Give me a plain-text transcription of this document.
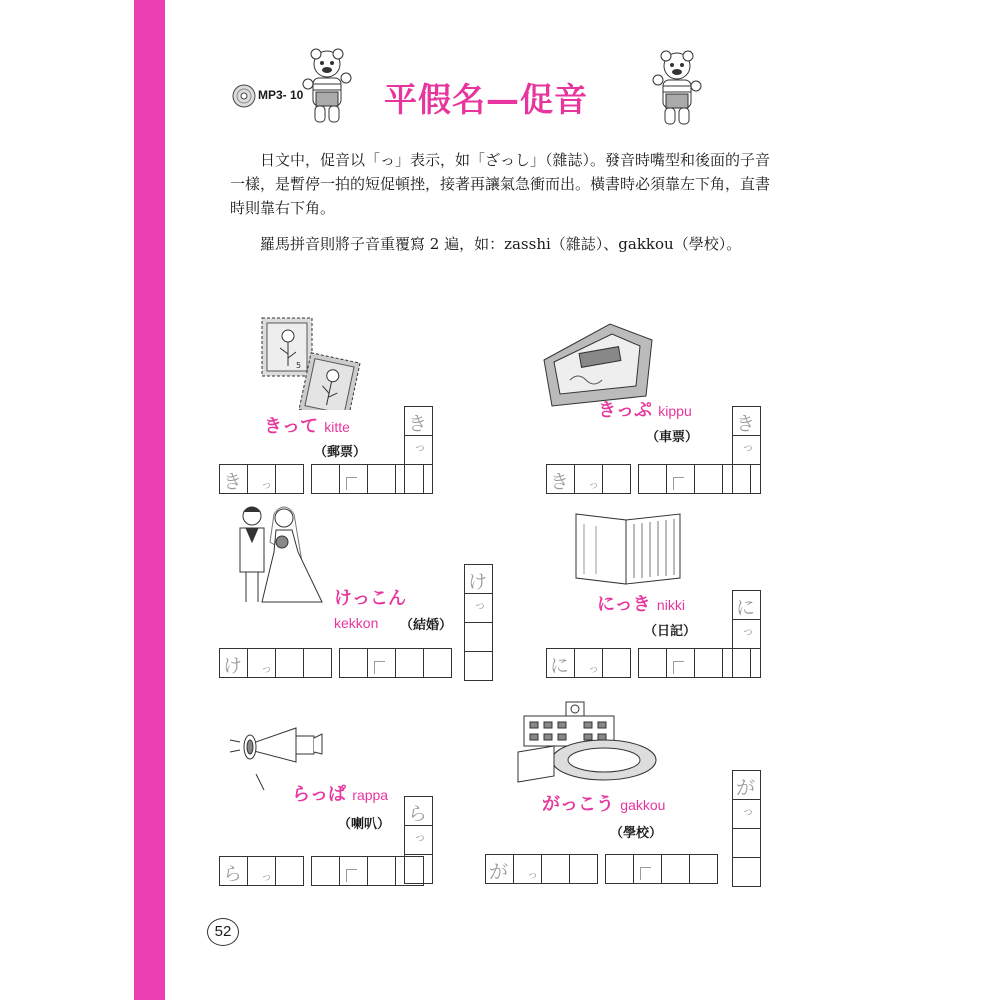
MP3- 10 平假名—促音

日文中，促音以「っ」表示，如「ざっし」（雜誌）。發音時嘴型和後面的子音一樣，是暫停一拍的短促頓挫，接著再讓氣急衝而出。橫書時必須靠左下角，直書時則靠右下角。

羅馬拼音則將子音重覆寫 2 遍，如：zasshi（雜誌）、gakkou（學校）。

5
きって kitte
（郵票）
き っ
き
っ
きっぷ kippu
（車票）
き っ
き
っ
けっこん
kekkon （結婚）
け っ
け
っ	にっき nikki
（日記）
に っ
に
っ
らっぱ rappa
（喇叭）
ら っ
ら
っ
がっこう gakkou
（學校）
が っ
が
っ
52
